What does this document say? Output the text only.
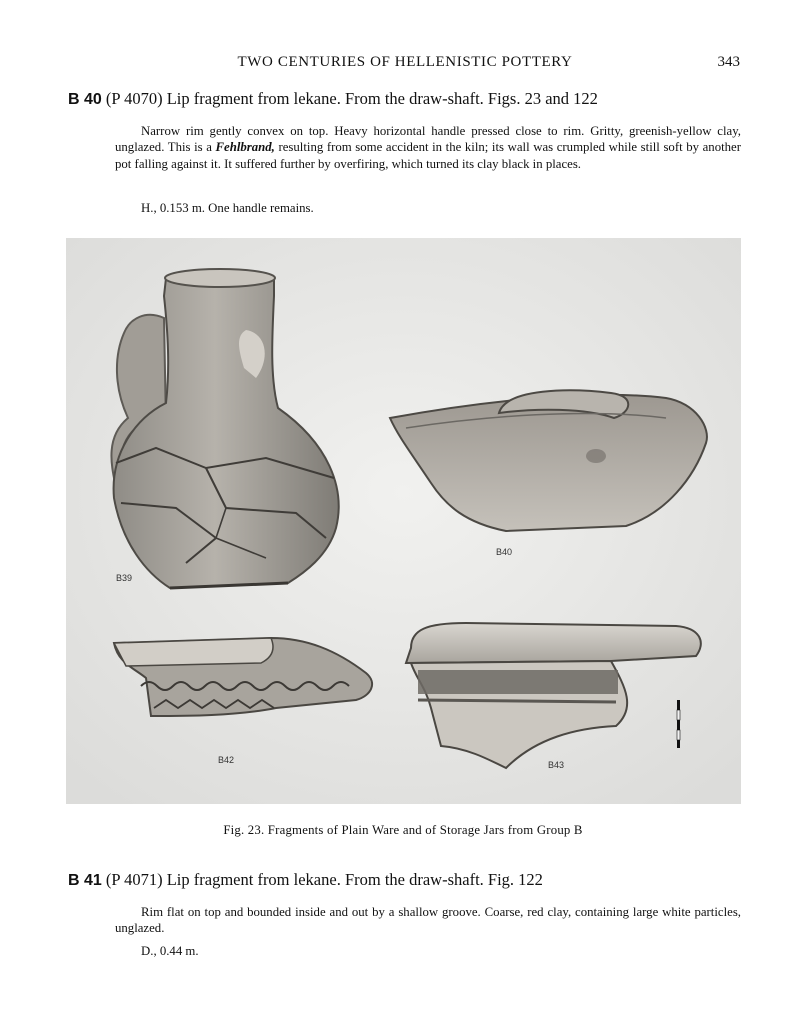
TWO CENTURIES OF HELLENISTIC POTTERY	343
B 40 (P 4070) Lip fragment from lekane. From the draw-shaft. Figs. 23 and 122
Narrow rim gently convex on top. Heavy horizontal handle pressed close to rim. Gritty, greenish-yellow clay, unglazed. This is a Fehlbrand, resulting from some accident in the kiln; its wall was crumpled while still soft by another pot falling against it. It suffered further by overfiring, which turned its clay black in places.
H., 0.153 m. One handle remains.
B39
B40
B42	B43
Fig. 23. Fragments of Plain Ware and of Storage Jars from Group B
B 41 (P 4071) Lip fragment from lekane. From the draw-shaft. Fig. 122
Rim flat on top and bounded inside and out by a shallow groove. Coarse, red clay, containing large white particles, unglazed.
D., 0.44 m.
